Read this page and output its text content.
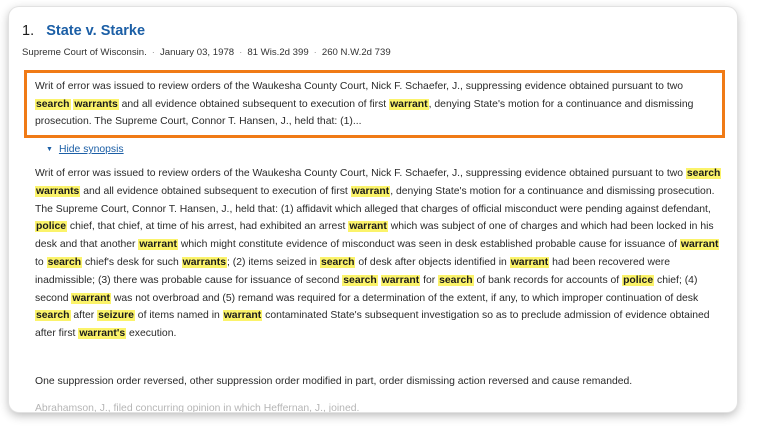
1. State v. Starke
Supreme Court of Wisconsin. · January 03, 1978 · 81 Wis.2d 399 · 260 N.W.2d 739
Writ of error was issued to review orders of the Waukesha County Court, Nick F. Schaefer, J., suppressing evidence obtained pursuant to two search warrants and all evidence obtained subsequent to execution of first warrant, denying State's motion for a continuance and dismissing prosecution. The Supreme Court, Connor T. Hansen, J., held that: (1)...
▼ Hide synopsis
Writ of error was issued to review orders of the Waukesha County Court, Nick F. Schaefer, J., suppressing evidence obtained pursuant to two search warrants and all evidence obtained subsequent to execution of first warrant, denying State's motion for a continuance and dismissing prosecution. The Supreme Court, Connor T. Hansen, J., held that: (1) affidavit which alleged that charges of official misconduct were pending against defendant, police chief, that chief, at time of his arrest, had exhibited an arrest warrant which was subject of one of charges and which had been locked in his desk and that another warrant which might constitute evidence of misconduct was seen in desk established probable cause for issuance of warrant to search chief's desk for such warrants; (2) items seized in search of desk after objects identified in warrant had been recovered were inadmissible; (3) there was probable cause for issuance of second search warrant for search of bank records for accounts of police chief; (4) second warrant was not overbroad and (5) remand was required for a determination of the extent, if any, to which improper continuation of desk search after seizure of items named in warrant contaminated State's subsequent investigation so as to preclude admission of evidence obtained after first warrant's execution.
One suppression order reversed, other suppression order modified in part, order dismissing action reversed and cause remanded.
Abrahamson, J., filed concurring opinion in which Heffernan, J., joined.
